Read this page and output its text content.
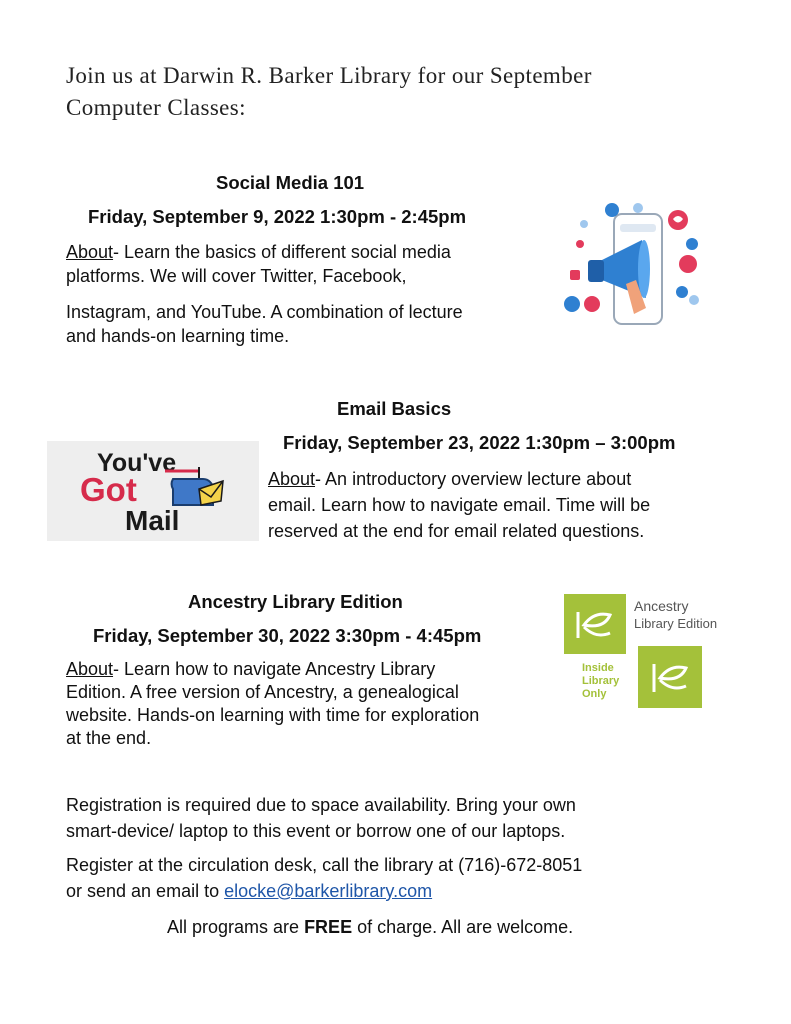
Join us at Darwin R. Barker Library for our September
Computer Classes:
Social Media 101
Friday, September 9, 2022 1:30pm - 2:45pm
About- Learn the basics of different social media
platforms. We will cover Twitter, Facebook,
Instagram, and YouTube. A combination of lecture
and hands-on learning time.
Email Basics
Friday, September 23, 2022 1:30pm – 3:00pm
About- An introductory overview lecture about
email. Learn how to navigate email. Time will be
reserved at the end for email related questions.
You've
Got
Mail
Ancestry Library Edition
Friday, September 30, 2022 3:30pm - 4:45pm
About- Learn how to navigate Ancestry Library
Edition. A free version of Ancestry, a genealogical
website. Hands-on learning with time for exploration
at the end.
Ancestry
Library Edition
Inside
Library
Only
Registration is required due to space availability. Bring your own
smart-device/ laptop to this event or borrow one of our laptops.
Register at the circulation desk, call the library at (716)-672-8051
or send an email to elocke@barkerlibrary.com
All programs are FREE of charge. All are welcome.
